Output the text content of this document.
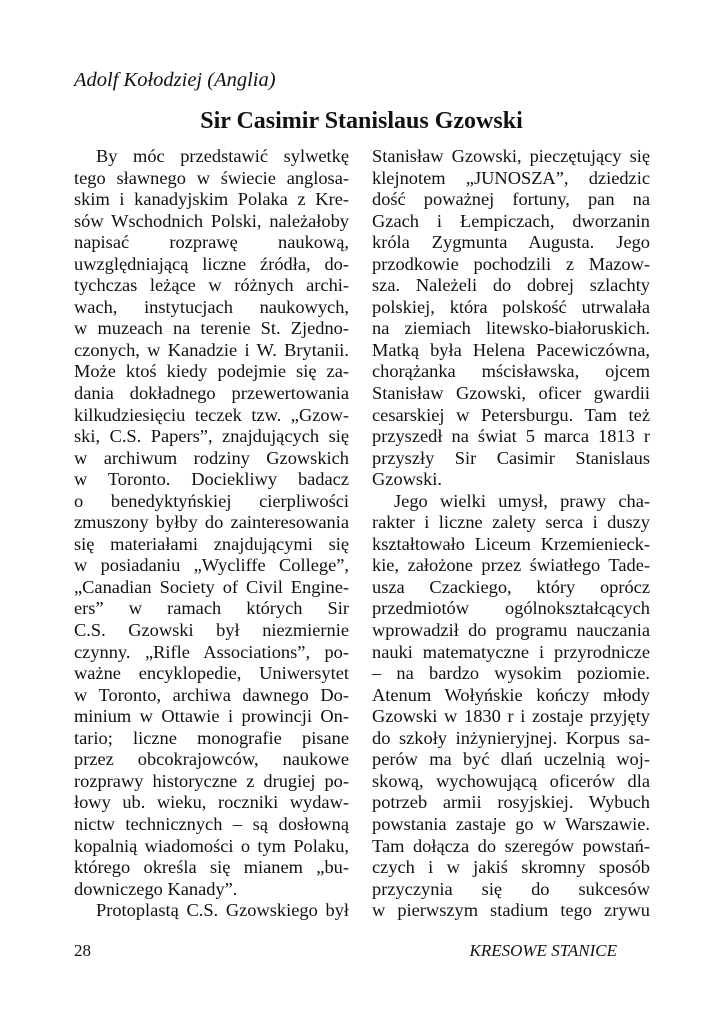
Adolf Kołodziej (Anglia)
Sir Casimir Stanislaus Gzowski
By móc przedstawić sylwetkę
tego sławnego w świecie anglosa-
skim i kanadyjskim Polaka z Kre-
sów Wschodnich Polski, należałoby
napisać rozprawę naukową,
uwzględniającą liczne źródła, do-
tychczas leżące w różnych archi-
wach, instytucjach naukowych,
w muzeach na terenie St. Zjedno-
czonych, w Kanadzie i W. Brytanii.
Może ktoś kiedy podejmie się za-
dania dokładnego przewertowania
kilkudziesięciu teczek tzw. „Gzow-
ski, C.S. Papers”, znajdujących się
w archiwum rodziny Gzowskich
w Toronto. Dociekliwy badacz
o benedyktyńskiej cierpliwości
zmuszony byłby do zainteresowania
się materiałami znajdującymi się
w posiadaniu „Wycliffe College”,
„Canadian Society of Civil Engine-
ers” w ramach których Sir
C.S. Gzowski był niezmiernie
czynny. „Rifle Associations”, po-
ważne encyklopedie, Uniwersytet
w Toronto, archiwa dawnego Do-
minium w Ottawie i prowincji On-
tario; liczne monografie pisane
przez obcokrajowców, naukowe
rozprawy historyczne z drugiej po-
łowy ub. wieku, roczniki wydaw-
nictw technicznych – są dosłowną
kopalnią wiadomości o tym Polaku,
którego określa się mianem „bu-
downiczego Kanady”.
Protoplastą C.S. Gzowskiego był
Stanisław Gzowski, pieczętujący się
klejnotem „JUNOSZA”, dziedzic
dość poważnej fortuny, pan na
Gzach i Łempiczach, dworzanin
króla Zygmunta Augusta. Jego
przodkowie pochodzili z Mazow-
sza. Należeli do dobrej szlachty
polskiej, która polskość utrwalała
na ziemiach litewsko-białoruskich.
Matką była Helena Pacewiczówna,
chorążanka mścisławska, ojcem
Stanisław Gzowski, oficer gwardii
cesarskiej w Petersburgu. Tam też
przyszedł na świat 5 marca 1813 r
przyszły Sir Casimir Stanislaus
Gzowski.
Jego wielki umysł, prawy cha-
rakter i liczne zalety serca i duszy
kształtowało Liceum Krzemienieck-
kie, założone przez światłego Tade-
usza Czackiego, który oprócz
przedmiotów ogólnokształcących
wprowadził do programu nauczania
nauki matematyczne i przyrodnicze
– na bardzo wysokim poziomie.
Atenum Wołyńskie kończy młody
Gzowski w 1830 r i zostaje przyjęty
do szkoły inżynieryjnej. Korpus sa-
perów ma być dlań uczelnią woj-
skową, wychowującą oficerów dla
potrzeb armii rosyjskiej. Wybuch
powstania zastaje go w Warszawie.
Tam dołącza do szeregów powstań-
czych i w jakiś skromny sposób
przyczynia się do sukcesów
w pierwszym stadium tego zrywu
28	KRESOWE STANICE
